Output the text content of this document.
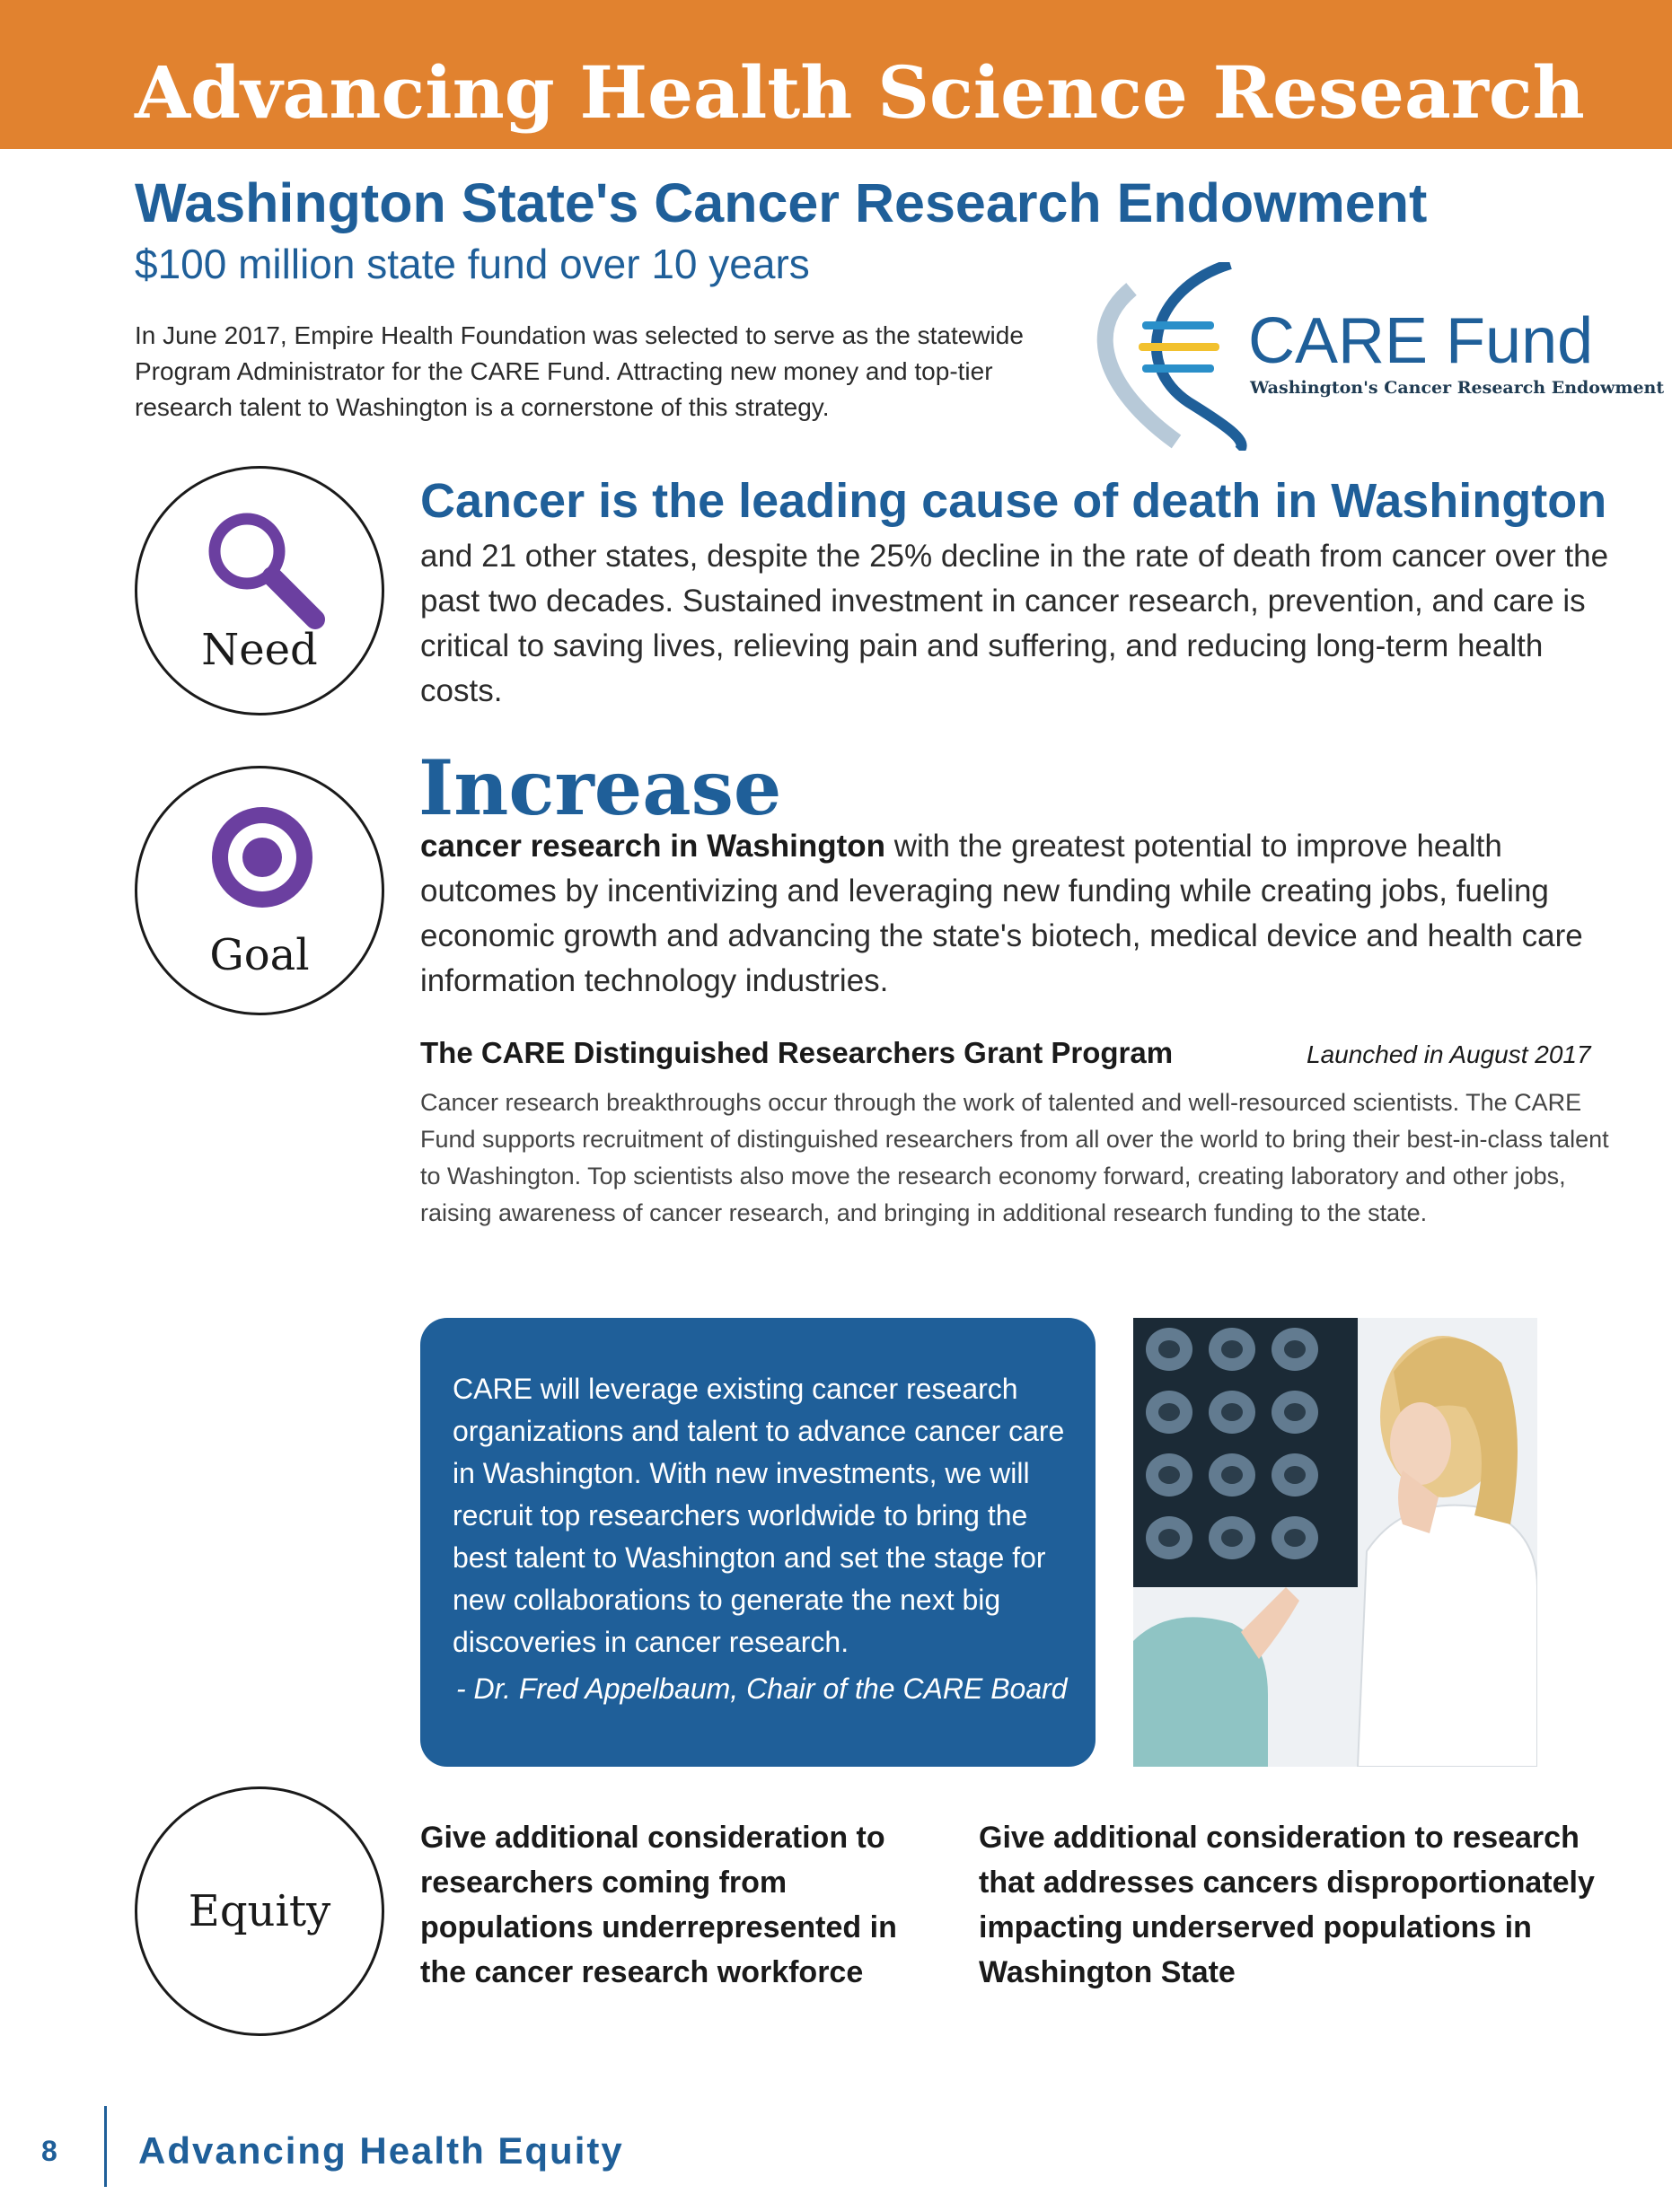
Advancing Health Science Research
Washington State's Cancer Research Endowment
$100 million state fund over 10 years
In June 2017, Empire Health Foundation was selected to serve as the statewide Program Administrator for the CARE Fund. Attracting new money and top-tier research talent to Washington is a cornerstone of this strategy.
CARE Fund
Washington's Cancer Research Endowment
Need
Cancer is the leading cause of death in Washington
and 21 other states, despite the 25% decline in the rate of death from cancer over the past two decades. Sustained investment in cancer research, prevention, and care is critical to saving lives, relieving pain and suffering, and reducing long-term health costs.
Goal
Increase
cancer research in Washington with the greatest potential to improve health outcomes by incentivizing and leveraging new funding while creating jobs, fueling economic growth and advancing the state's biotech, medical device and health care information technology industries.
The CARE Distinguished Researchers Grant Program	Launched in August 2017
Cancer research breakthroughs occur through the work of talented and well-resourced scientists. The CARE Fund supports recruitment of distinguished researchers from all over the world to bring their best-in-class talent to Washington. Top scientists also move the research economy forward, creating laboratory and other jobs, raising awareness of cancer research, and bringing in additional research funding to the state.
CARE will leverage existing cancer research organizations and talent to advance cancer care in Washington. With new investments, we will recruit top researchers worldwide to bring the best talent to Washington and set the stage for new collaborations to generate the next big discoveries in cancer research.
- Dr. Fred Appelbaum, Chair of the CARE Board
Equity
Give additional consideration to researchers coming from populations underrepresented in the cancer research workforce
Give additional consideration to research that addresses cancers disproportionately impacting underserved populations in Washington State
8 Advancing Health Equity
